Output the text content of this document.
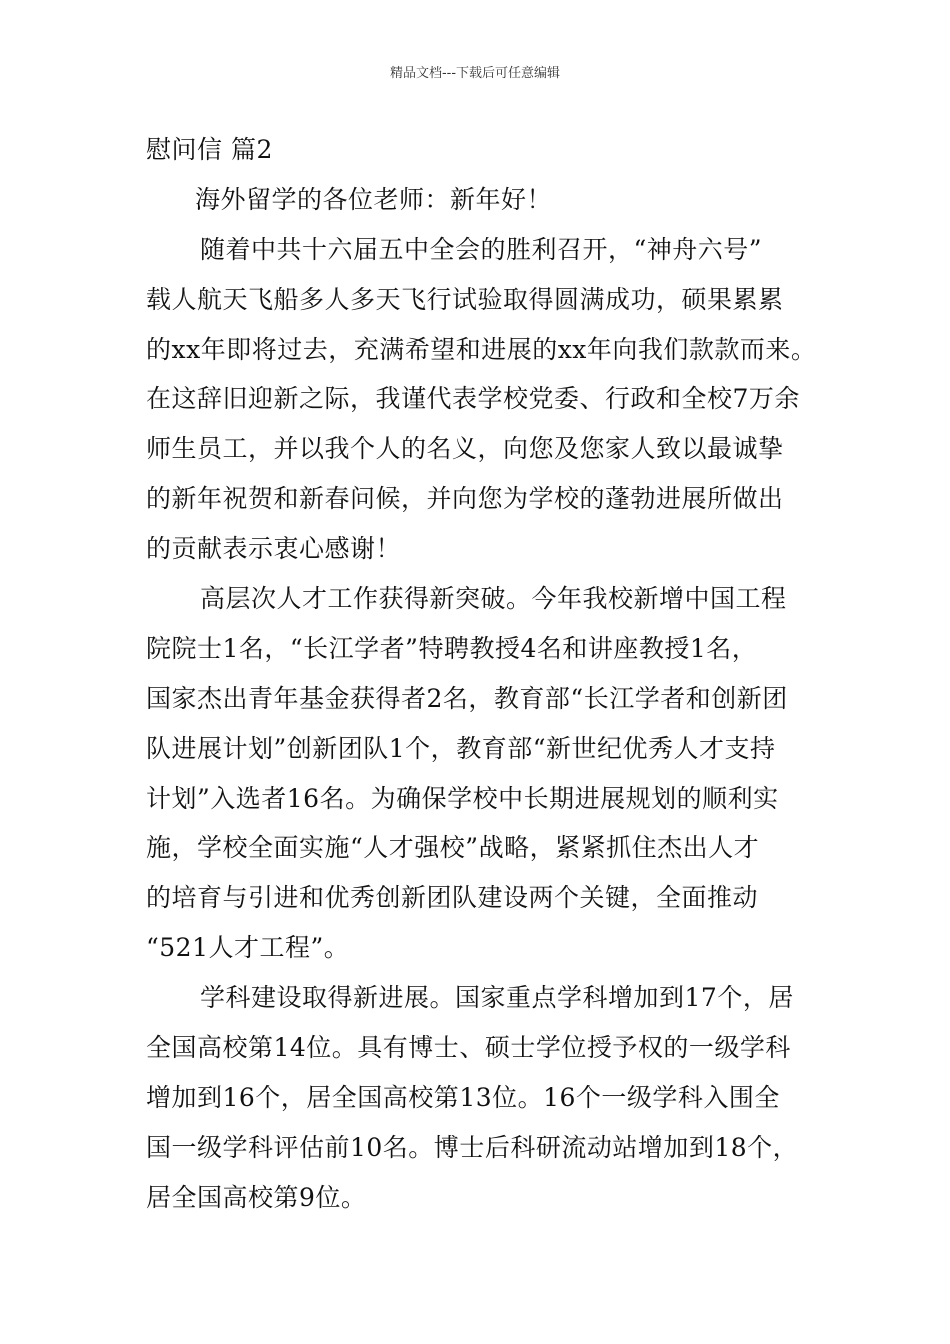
精品文档---下载后可任意编辑
慰问信 篇2
海外留学的各位老师：新年好！
随着中共十六届五中全会的胜利召开，“神舟六号”
载人航天飞船多人多天飞行试验取得圆满成功，硕果累累
的xx年即将过去，充满希望和进展的xx年向我们款款而来。
在这辞旧迎新之际，我谨代表学校党委、行政和全校7万余
师生员工，并以我个人的名义，向您及您家人致以最诚挚
的新年祝贺和新春问候，并向您为学校的蓬勃进展所做出
的贡献表示衷心感谢！
高层次人才工作获得新突破。今年我校新增中国工程
院院士1名，“长江学者”特聘教授4名和讲座教授1名，
国家杰出青年基金获得者2名，教育部“长江学者和创新团
队进展计划”创新团队1个，教育部“新世纪优秀人才支持
计划”入选者16名。为确保学校中长期进展规划的顺利实
施，学校全面实施“人才强校”战略，紧紧抓住杰出人才
的培育与引进和优秀创新团队建设两个关键，全面推动
“521人才工程”。
学科建设取得新进展。国家重点学科增加到17个，居
全国高校第14位。具有博士、硕士学位授予权的一级学科
增加到16个，居全国高校第13位。16个一级学科入围全
国一级学科评估前10名。博士后科研流动站增加到18个，
居全国高校第9位。
